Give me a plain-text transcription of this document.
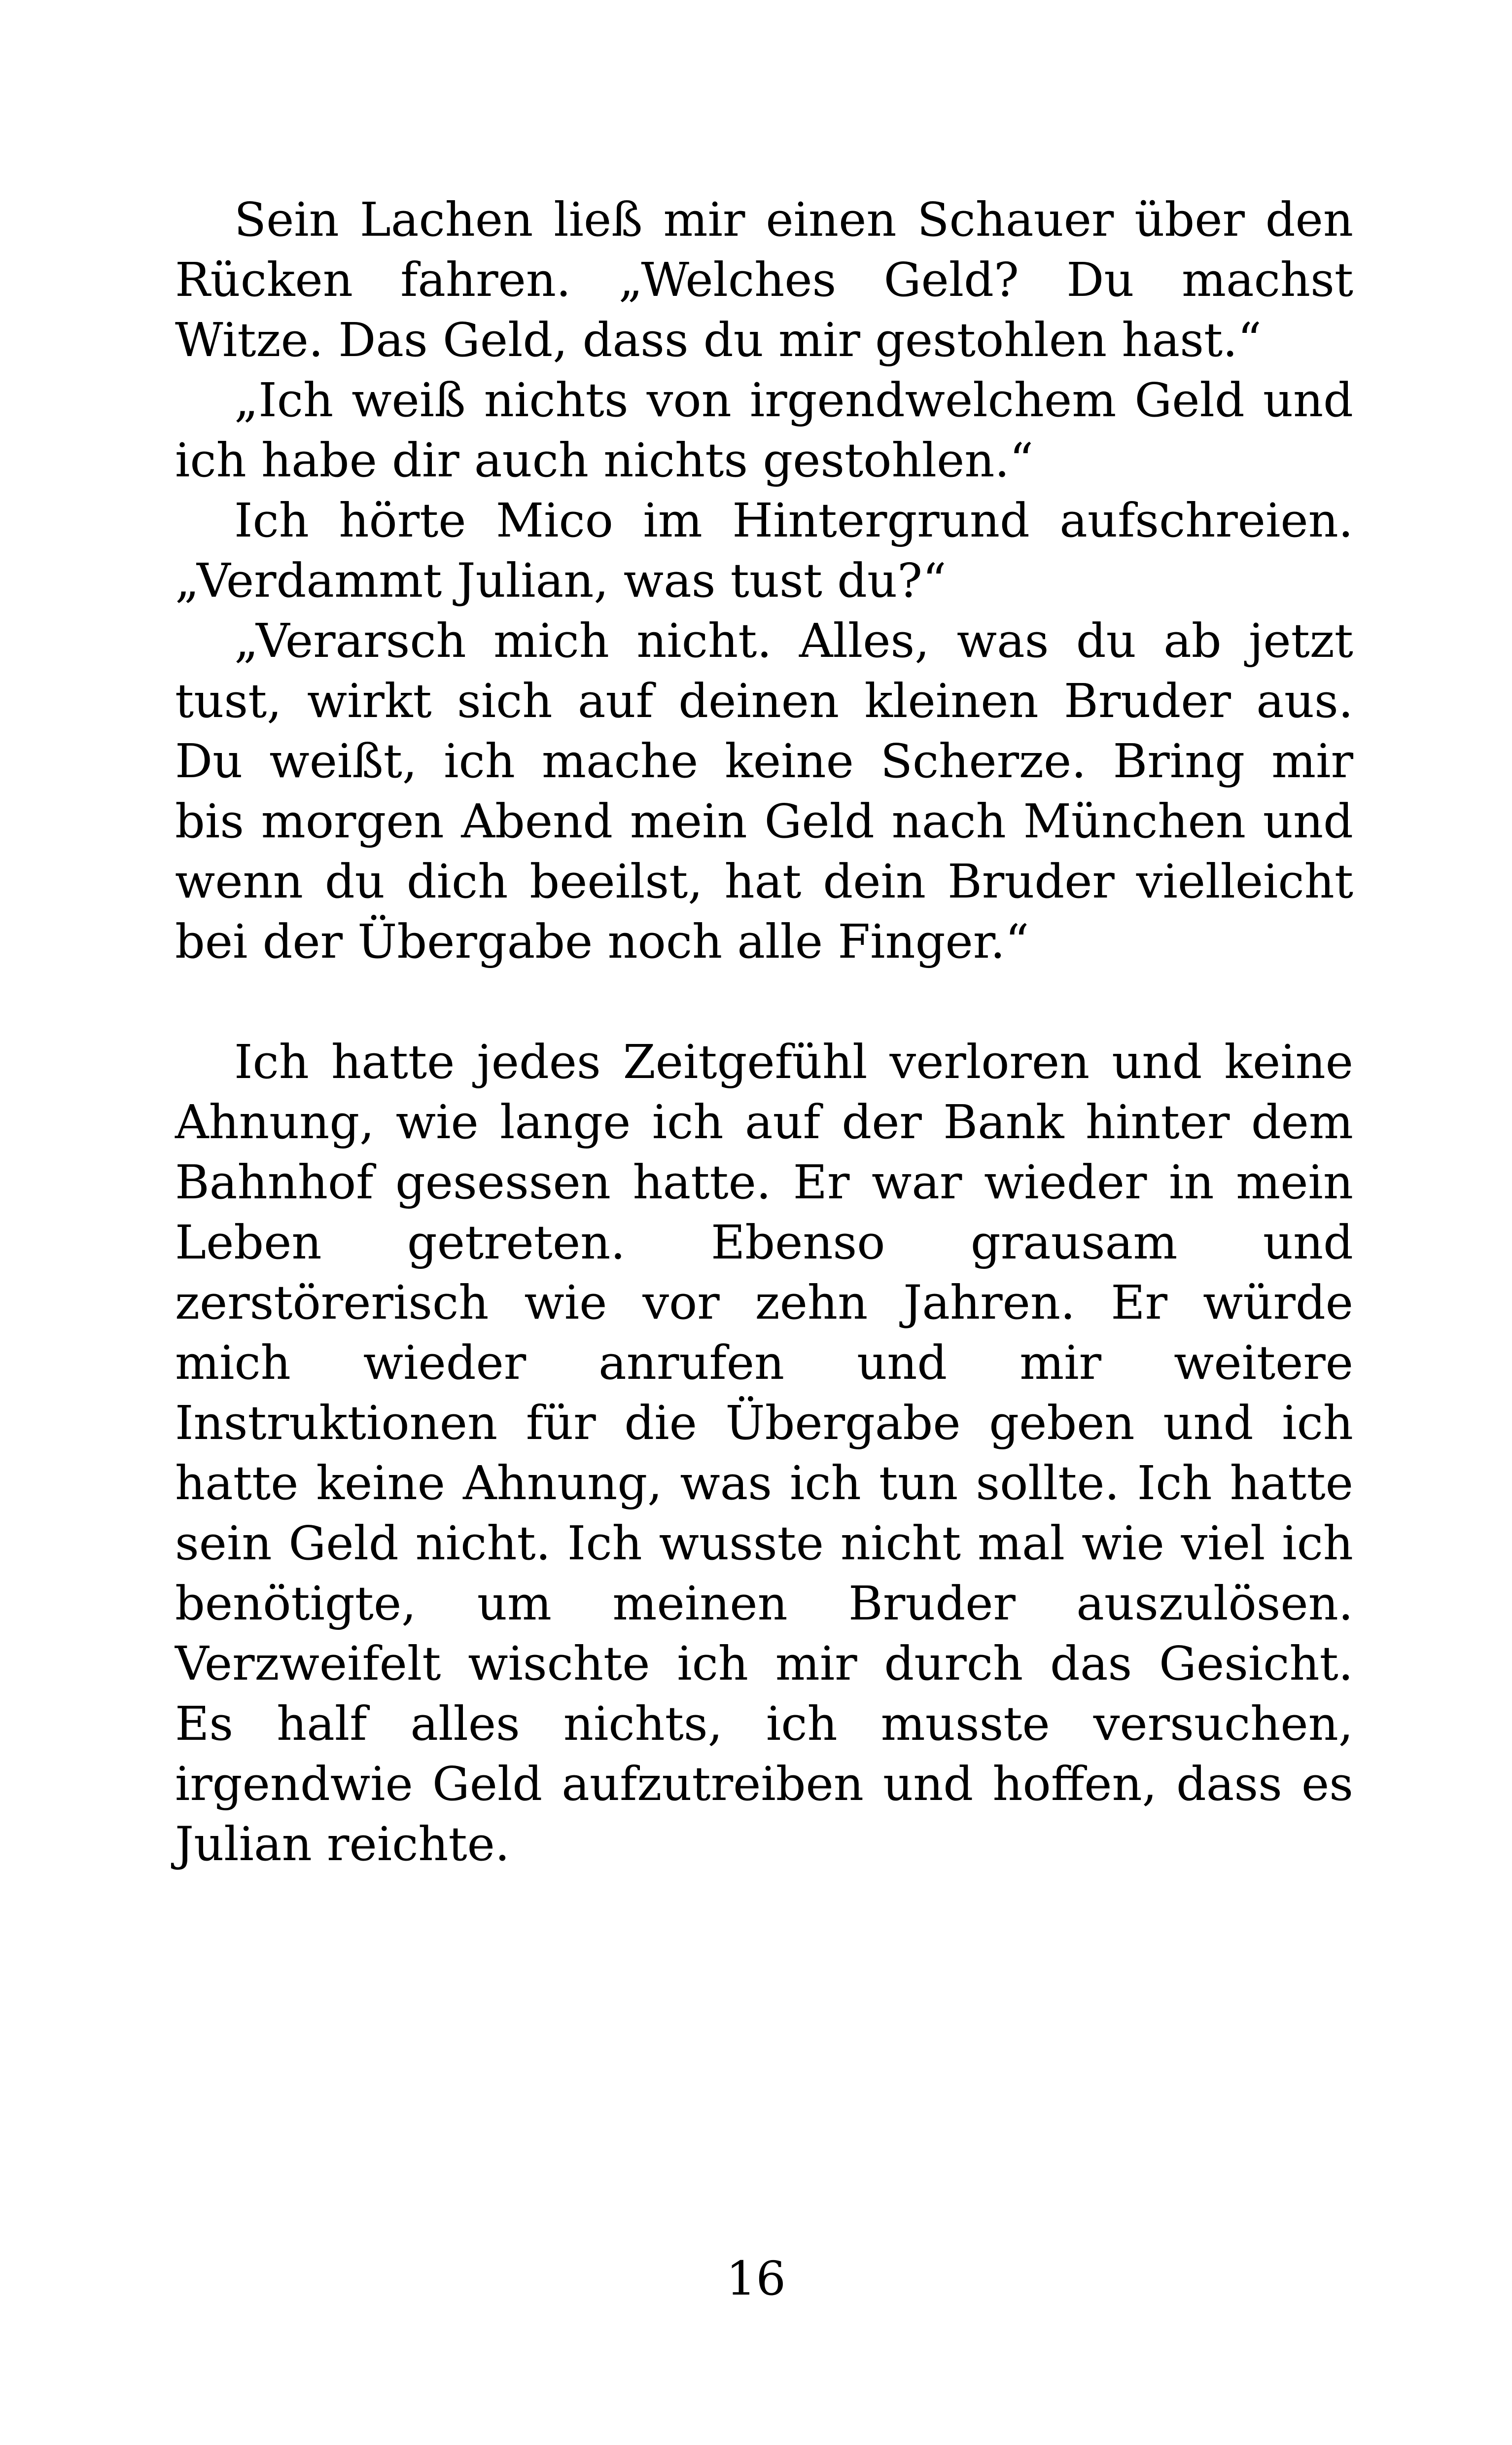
Sein Lachen ließ mir einen Schauer über den Rücken fahren. „Welches Geld? Du machst Witze. Das Geld, dass du mir gestohlen hast.“

„Ich weiß nichts von irgendwelchem Geld und ich habe dir auch nichts gestohlen.“

Ich hörte Mico im Hintergrund aufschreien. „Verdammt Julian, was tust du?“

„Verarsch mich nicht. Alles, was du ab jetzt tust, wirkt sich auf deinen kleinen Bruder aus. Du weißt, ich mache keine Scherze. Bring mir bis morgen Abend mein Geld nach München und wenn du dich beeilst, hat dein Bruder vielleicht bei der Übergabe noch alle Finger.“

Ich hatte jedes Zeitgefühl verloren und keine Ahnung, wie lange ich auf der Bank hinter dem Bahnhof gesessen hatte. Er war wieder in mein Leben getreten. Ebenso grausam und zerstörerisch wie vor zehn Jahren. Er würde mich wieder anrufen und mir weitere Instruktionen für die Übergabe geben und ich hatte keine Ahnung, was ich tun sollte. Ich hatte sein Geld nicht. Ich wusste nicht mal wie viel ich benötigte, um meinen Bruder auszulösen. Verzweifelt wischte ich mir durch das Gesicht. Es half alles nichts, ich musste versuchen, irgendwie Geld aufzutreiben und hoffen, dass es Julian reichte.

16
